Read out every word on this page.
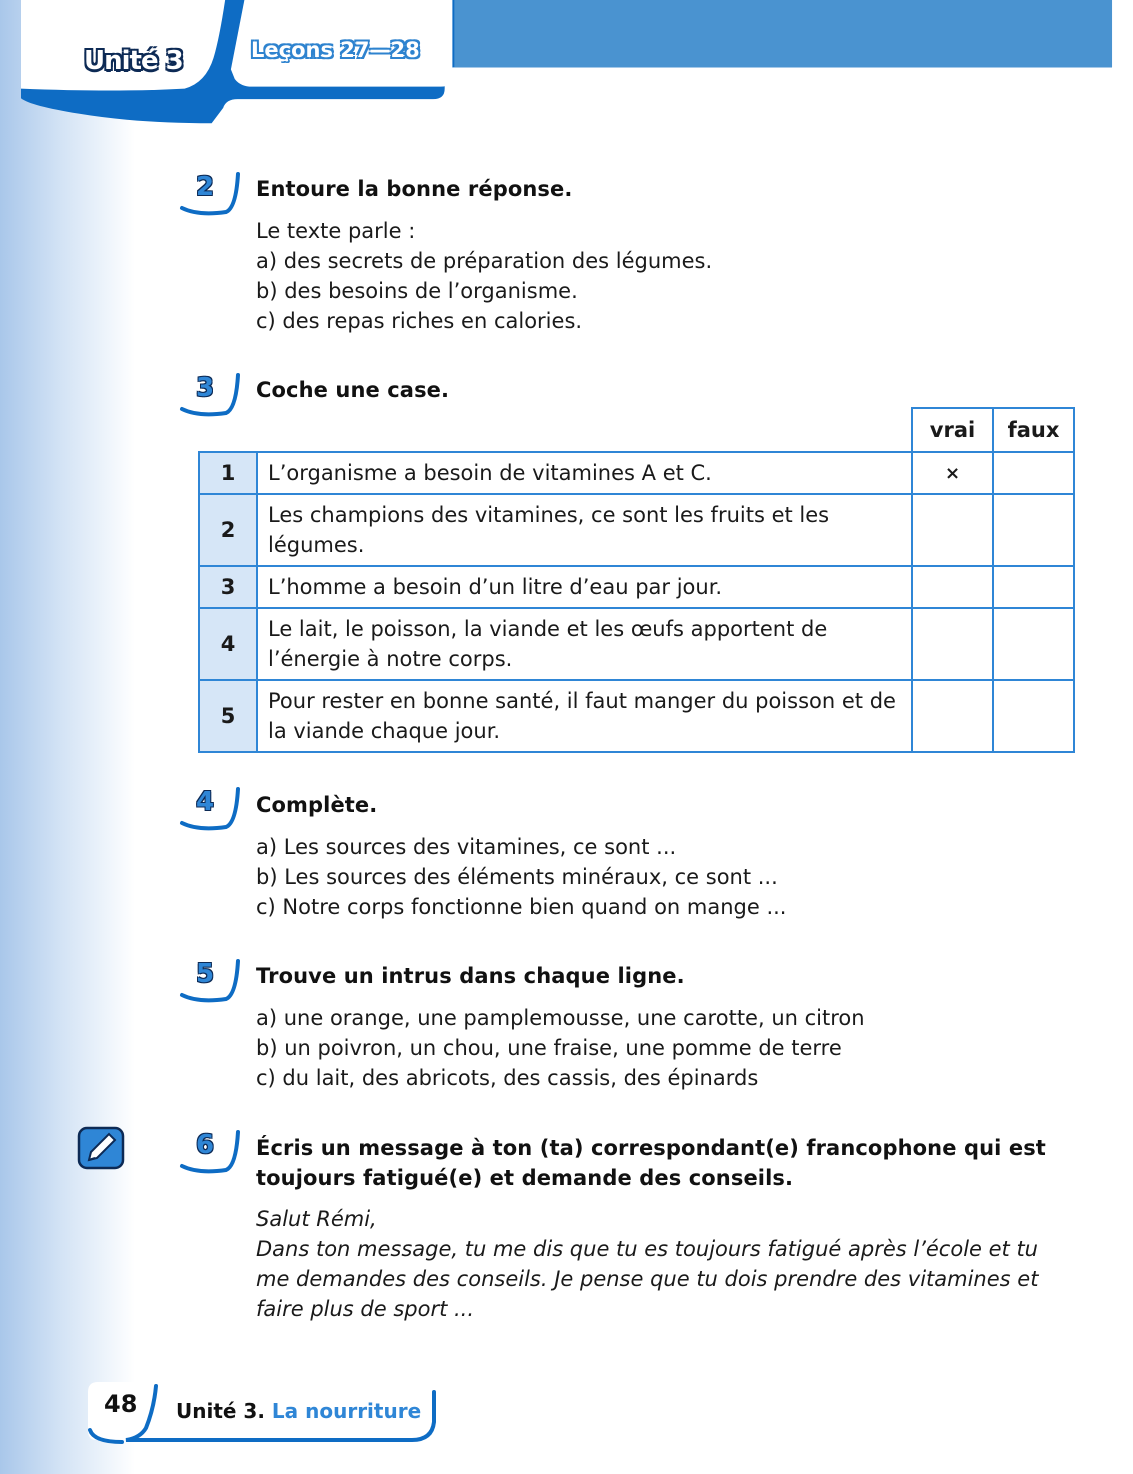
Unité 3	Leçons 27—28
2	Entoure la bonne réponse.
Le texte parle :
a) des secrets de préparation des légumes.
b) des besoins de l’organisme.
c) des repas riches en calories.
3	Coche une case.
		vrai	faux
1	L’organisme a besoin de vitamines A et C.	×	
2	Les champions des vitamines, ce sont les fruits et les légumes.		
3	L’homme a besoin d’un litre d’eau par jour.		
4	Le lait, le poisson, la viande et les œufs apportent de l’énergie à notre corps.		
5	Pour rester en bonne santé, il faut manger du poisson et de la viande chaque jour.		
4	Complète.
a) Les sources des vitamines, ce sont ...
b) Les sources des éléments minéraux, ce sont ...
c) Notre corps fonctionne bien quand on mange ...
5	Trouve un intrus dans chaque ligne.
a) une orange, une pamplemousse, une carotte, un citron
b) un poivron, un chou, une fraise, une pomme de terre
c) du lait, des abricots, des cassis, des épinards
6	Écris un message à ton (ta) correspondant(e) francophone qui est
toujours fatigué(e) et demande des conseils.
Salut Rémi,
Dans ton message, tu me dis que tu es toujours fatigué après l’école et tu
me demandes des conseils. Je pense que tu dois prendre des vitamines et
faire plus de sport ...
48 Unité 3. La nourriture
